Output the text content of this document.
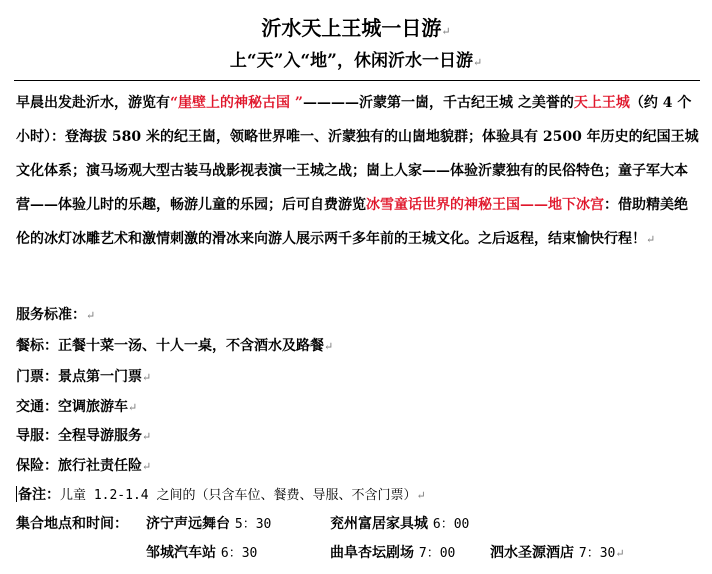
沂水天上王城一日游↵
上“天”入“地”，休闲沂水一日游↵

早晨出发赴沂水，游览有“崖壁上的神秘古国 ”————沂蒙第一崮，千古纪王城 之美誉的天上王城（约 4 个小时）：登海拔 580 米的纪王崮，领略世界唯一、沂蒙独有的山崮地貌群；体验具有 2500 年历史的纪国王城文化体系；演马场观大型古装马战影视表演一王城之战；崮上人家——体验沂蒙独有的民俗特色；童子军大本营——体验儿时的乐趣，畅游儿童的乐园；后可自费游览冰雪童话世界的神秘王国——地下冰宫：借助精美绝伦的冰灯冰雕艺术和激情刺激的滑冰来向游人展示两千多年前的王城文化。之后返程，结束愉快行程！↵

服务标准：↵
餐标：正餐十菜一汤、十人一桌，不含酒水及路餐↵
门票：景点第一门票↵
交通：空调旅游车↵
导服：全程导游服务↵
保险：旅行社责任险↵
备注：儿童 1.2-1.4 之间的（只含车位、餐费、导服、不含门票）↵
集合地点和时间： 济宁声远舞台 5：30	兖州富居家具城 6：00
邹城汽车站 6：30	曲阜杏坛剧场 7：00 泗水圣源酒店 7：30↵
